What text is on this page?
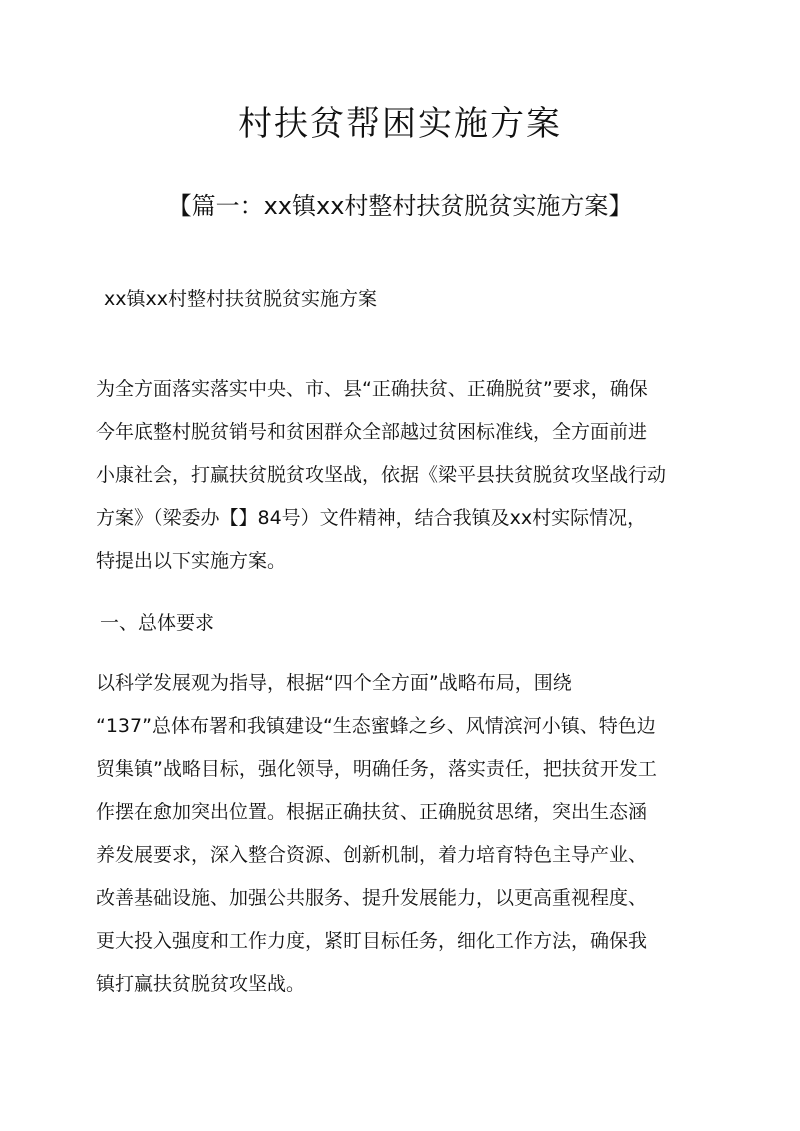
村扶贫帮困实施方案
【篇一：xx镇xx村整村扶贫脱贫实施方案】
xx镇xx村整村扶贫脱贫实施方案

为全方面落实落实中央、市、县“正确扶贫、正确脱贫”要求，确保
今年底整村脱贫销号和贫困群众全部越过贫困标准线，全方面前进
小康社会，打赢扶贫脱贫攻坚战，依据《梁平县扶贫脱贫攻坚战行动
方案》（梁委办【】84号）文件精神，结合我镇及xx村实际情况，
特提出以下实施方案。

一、总体要求

以科学发展观为指导，根据“四个全方面”战略布局，围绕
“137”总体布署和我镇建设“生态蜜蜂之乡、风情滨河小镇、特色边
贸集镇”战略目标，强化领导，明确任务，落实责任，把扶贫开发工
作摆在愈加突出位置。根据正确扶贫、正确脱贫思绪，突出生态涵
养发展要求，深入整合资源、创新机制，着力培育特色主导产业、
改善基础设施、加强公共服务、提升发展能力，以更高重视程度、
更大投入强度和工作力度，紧盯目标任务，细化工作方法，确保我
镇打赢扶贫脱贫攻坚战。
